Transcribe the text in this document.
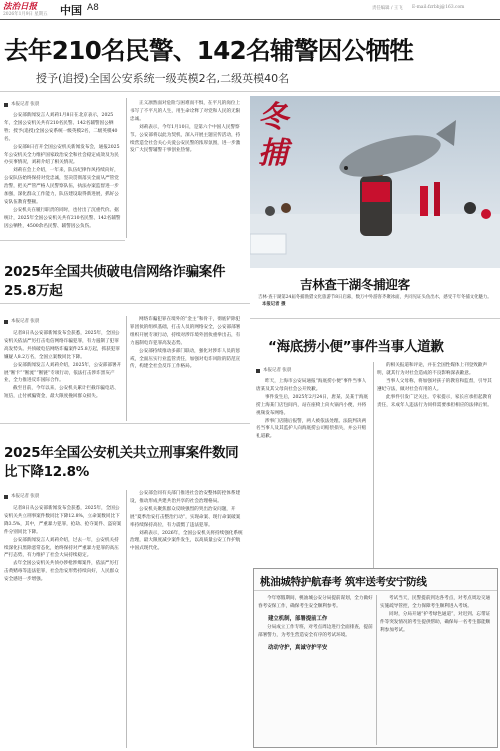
法治日报
2026年1月9日 星期五 中国 A8	责任编辑 / 王飞 E-mail:fzrbbj@163.com
去年210名民警、142名辅警因公牺牲
授予(追授)全国公安系统一级英模2名,二级英模40名
本报记者 张晨

公安部新闻发言人刘莉1月8日在北京表示，2025年，全国公安机关共有210名民警、142名辅警因公牺牲；授予(追授)全国公安系统一级英模2名，二级英模40名。

公安部8日召开全国公安机关新闻发布会，通报2025年公安机关全力维护国家政治安全和社会稳定成效及为民办实事情况，刘莉介绍了相关情况。

刘莉在会上介绍，一年来，队伍纪律作风持续向好，公安队伍始终保持对党忠诚，坚决贯彻落实全面从严管党治警，把关严管严格人民警察队伍，执法办案监督进一步加强，深化群众工作能力，队伍建设取得新进展，抓好公安队伍教育整顿。

公安机关在履行职责的同时，也付出了沉重代价。据统计，2025年全国公安机关共有210名民警、142名辅警因公牺牲，4500余名民警、辅警因公负伤。

正义凛然面对危险与困难而不惧，在平凡的岗位上书写了不平凡的人生，用生命诠释了对党和人民的无限忠诚。

刘莉表示，今年1月10日，是第六个中国人民警察节。公安部将以此为契机，深入开展主题宣传活动，持续营造全社会关心关爱公安民警的浓厚氛围，进一步激发广大民警辅警干事创业热情。

2025年全国共侦破电信网络诈骗案件25.8万起
本报记者 张晨

记者8日从公安部新闻发布会获悉，2025年，全国公安机关依法严厉打击电信网络诈骗犯罪，有力遏制了犯罪高发势头。共侦破电信网络诈骗案件25.8万起，抓获犯罪嫌疑人8.2万名，全国立案数同比下降。

公安部新闻发言人刘莉介绍，2025年，公安部部署开展“断卡”“断流”“断链”专项行动，依法打击涉诈黑灰产业，全力推进反诈国际合作。

截至目前，今年以来，公安机关累计拦截诈骗电话、短信，止付被骗资金，最大限度挽回群众损失。

网络诈骗犯罪在境外的“金主”和骨干，彻底铲除犯罪团伙的组织基础，打击人员的网络安全，公安部部署组织开展专项行动，持续对涉诈境外团伙重拳出击，有力遏制电诈犯罪高发态势。

公安部持续推动多部门联动，强化对涉诈人员的惩戒，全面压实行业监管责任，加强对电诈风险的防范宣传，构建全社会反诈工作格局。

2025年全国公安机关共立刑事案件数同比下降12.8%
本报记者 张晨

记者8日从公安部新闻发布会获悉，2025年，全国公安机关共立刑事案件数同比下降12.8%，立命案数同比下降3.5%，其中，严重暴力犯罪，抢劫、抢夺案件、盗窃案件分别同比下降。

公安部新闻发言人刘莉介绍，过去一年，公安机关持续深化扫黑除恶常态化，始终保持对严重暴力犯罪的高压严打态势，有力维护了社会大局持续稳定。

去年全国公安机关共侦办涉枪涉爆案件，依法严厉打击黄赌毒等违法犯罪，社会治安形势持续向好，人民群众安全感进一步增强。

公安部会同有关部门推进社会治安整体防控体系建设，推动形成共建共治共享的社会治理格局。

公安机关聚焦群众反映强烈的突出治安问题，开展“夏季治安打击整治行动”，实现命案、现行命案破案率持续保持高位，有力震慑了违法犯罪。

刘莉表示，2026年，全国公安机关将持续强化系统治理，最大限度减少案件发生，以高质量公安工作护航中国式现代化。

冬捕
吉林查干湖冬捕迎客
吉林·查干湖第24届冬捕渔猎文化旅游节8日启幕，数万中外游客齐聚冰面，共同见证头鱼出水，感受千年冬捕文化魅力。 本报记者 摄
“海底捞小便”事件当事人道歉
本报记者 张晨

昨天，上海市公安局通报“海底捞小便”事件当事人唐某及其父母向社会公开致歉。

事件发生后，2025年2月24日，唐某、吴某于海底捞上海某门店包间内，站在座椅上向火锅内小便，并将视频发布网络。

涉事门店随后报警，两人被依法处理。法院判决两名当事人及其监护人向海底捞公司赔偿损失，并公开赔礼道歉。

的相关报道和评论，并在全国性媒体上刊登致歉声明，就其行为对社会造成的不良影响深表歉意。

当事人父母称，将加强对孩子的教育和监督，引导其遵纪守法，做对社会有用的人。

此事件引发广泛关注。专家提示，家长应承担起教育责任，未成年人违法行为同样需要承担相应的法律后果。

桃油城特护航春考 筑牢送考安宁防线

今年寒假期间，桃油城公安分局提前谋划，全力做好春考安保工作，确保考生安全顺利参考。

建立机制，部署提前工作

分局成立工作专班，对考点周边进行全面排查，提前部署警力，为考生营造安全有序的考试环境。

动动守护，真诚守护平安

考试当天，民警提前到达各考点，对考点周边交通实施疏导管控，全力保障考生顺利进入考场。

同时，分局开通“护考绿色通道”，对迟到、忘带证件等突发情况的考生提供帮助，确保每一名考生都能顺利参加考试。
